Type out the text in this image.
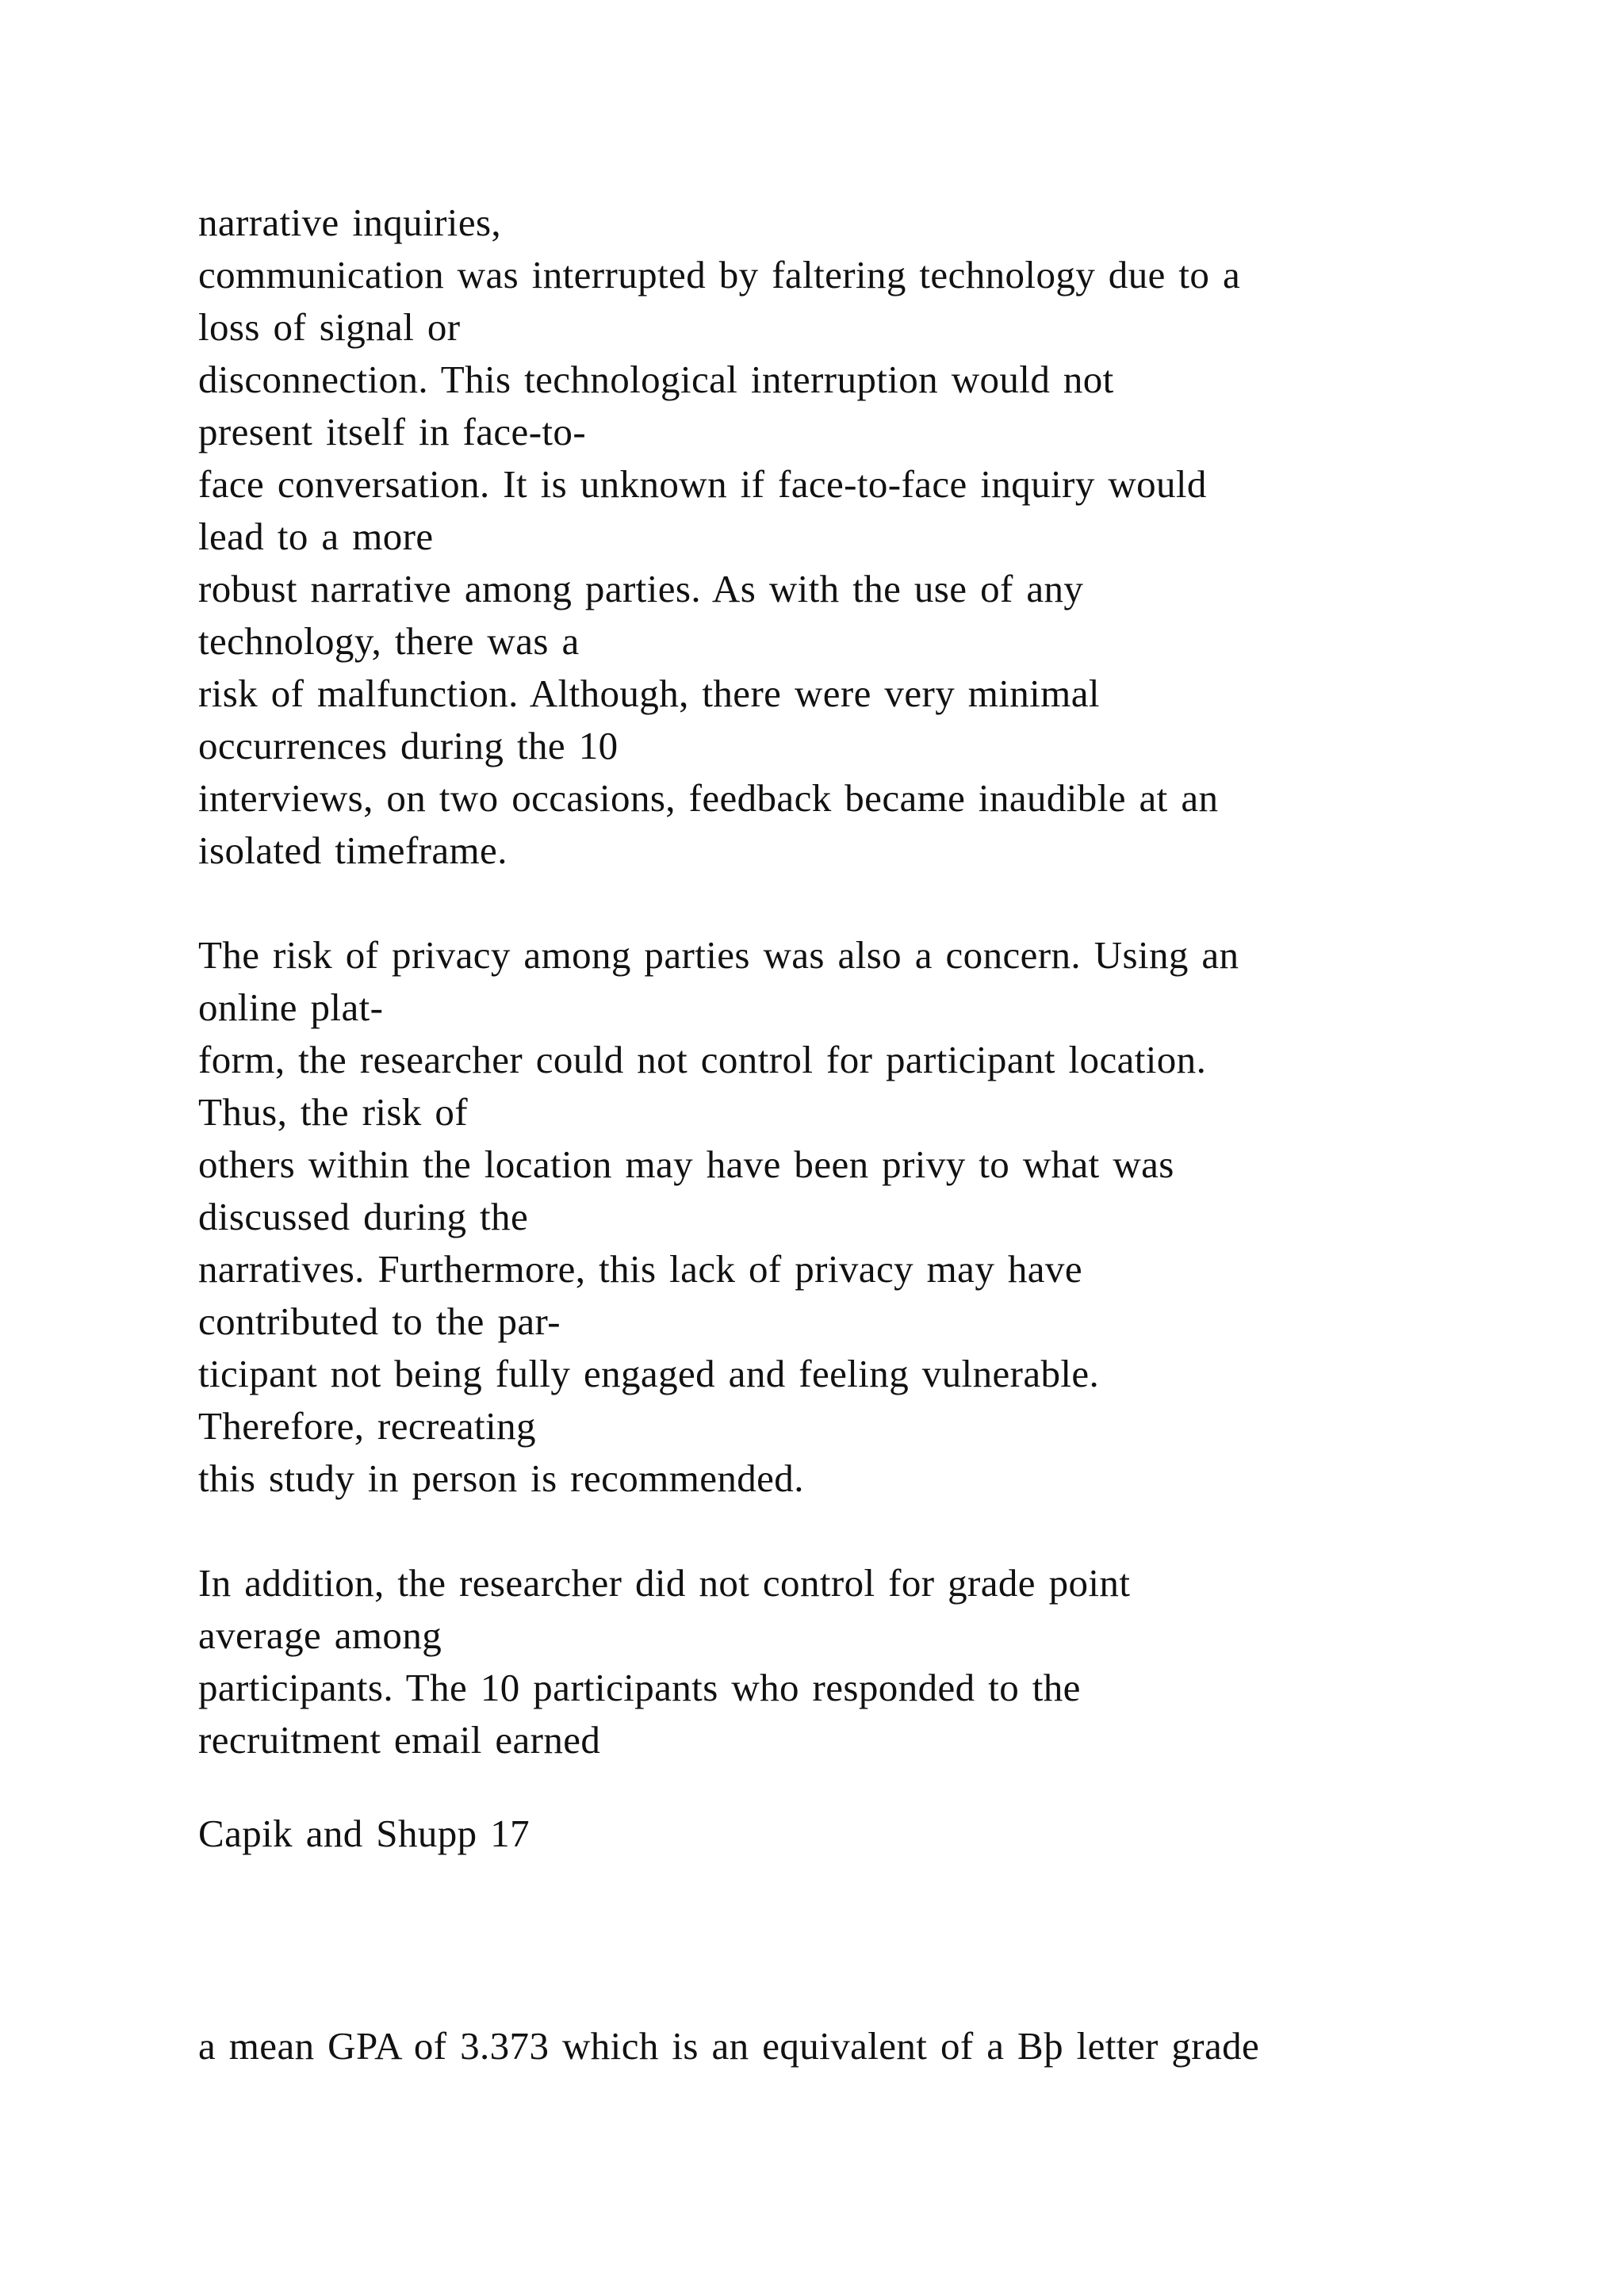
narrative inquiries,
communication was interrupted by faltering technology due to a
loss of signal or
disconnection. This technological interruption would not
present itself in face-to-
face conversation. It is unknown if face-to-face inquiry would
lead to a more
robust narrative among parties. As with the use of any
technology, there was a
risk of malfunction. Although, there were very minimal
occurrences during the 10
interviews, on two occasions, feedback became inaudible at an
isolated timeframe.
The risk of privacy among parties was also a concern. Using an
online plat-
form, the researcher could not control for participant location.
Thus, the risk of
others within the location may have been privy to what was
discussed during the
narratives. Furthermore, this lack of privacy may have
contributed to the par-
ticipant not being fully engaged and feeling vulnerable.
Therefore, recreating
this study in person is recommended.
In addition, the researcher did not control for grade point
average among
participants. The 10 participants who responded to the
recruitment email earned
Capik and Shupp 17
a mean GPA of 3.373 which is an equivalent of a Bþ letter grade
